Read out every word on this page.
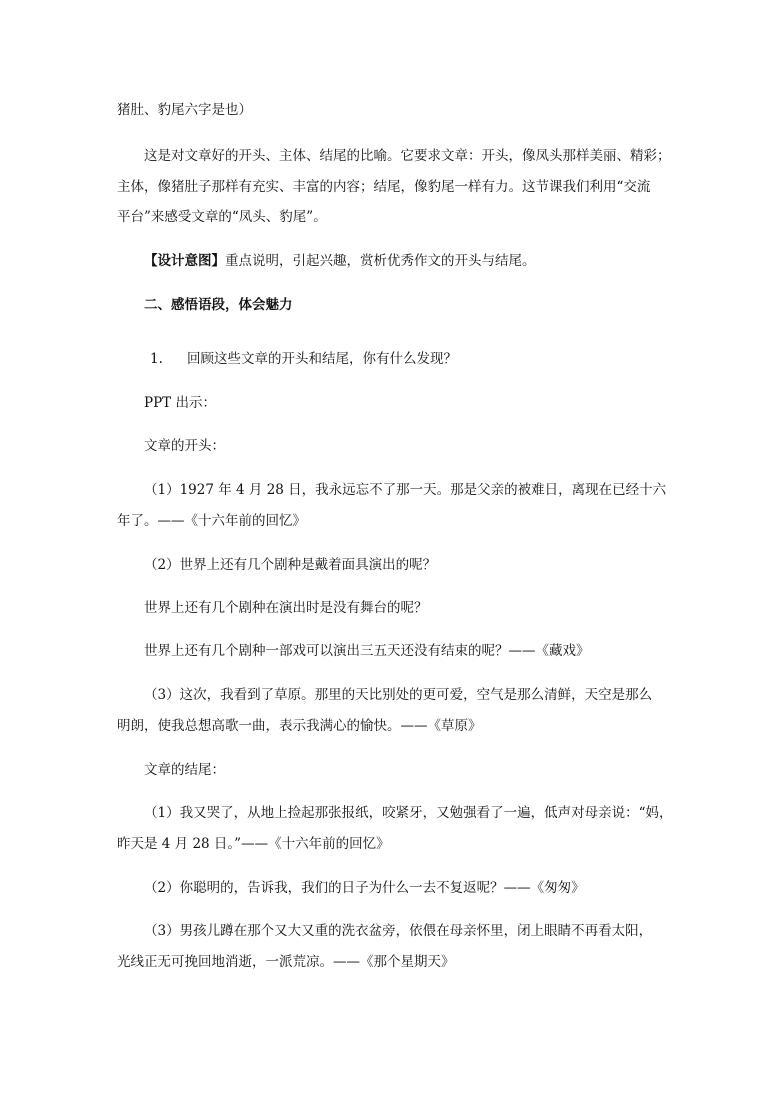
猪肚、豹尾六字是也）
这是对文章好的开头、主体、结尾的比喻。它要求文章：开头，像凤头那样美丽、精彩；
主体，像猪肚子那样有充实、丰富的内容；结尾，像豹尾一样有力。这节课我们利用“交流
平台”来感受文章的“凤头、豹尾”。
【设计意图】重点说明，引起兴趣，赏析优秀作文的开头与结尾。
二、感悟语段，体会魅力
1. 回顾这些文章的开头和结尾，你有什么发现？
PPT 出示：
文章的开头：
（1）1927 年 4 月 28 日，我永远忘不了那一天。那是父亲的被难日，离现在已经十六
年了。——《十六年前的回忆》
（2）世界上还有几个剧种是戴着面具演出的呢？
世界上还有几个剧种在演出时是没有舞台的呢？
世界上还有几个剧种一部戏可以演出三五天还没有结束的呢？——《藏戏》
（3）这次，我看到了草原。那里的天比别处的更可爱，空气是那么清鲜，天空是那么
明朗，使我总想高歌一曲，表示我满心的愉快。——《草原》
文章的结尾：
（1）我又哭了，从地上捡起那张报纸，咬紧牙，又勉强看了一遍，低声对母亲说：“妈，
昨天是 4 月 28 日。”——《十六年前的回忆》
（2）你聪明的，告诉我，我们的日子为什么一去不复返呢？——《匆匆》
（3）男孩儿蹲在那个又大又重的洗衣盆旁，依偎在母亲怀里，闭上眼睛不再看太阳，
光线正无可挽回地消逝，一派荒凉。——《那个星期天》
